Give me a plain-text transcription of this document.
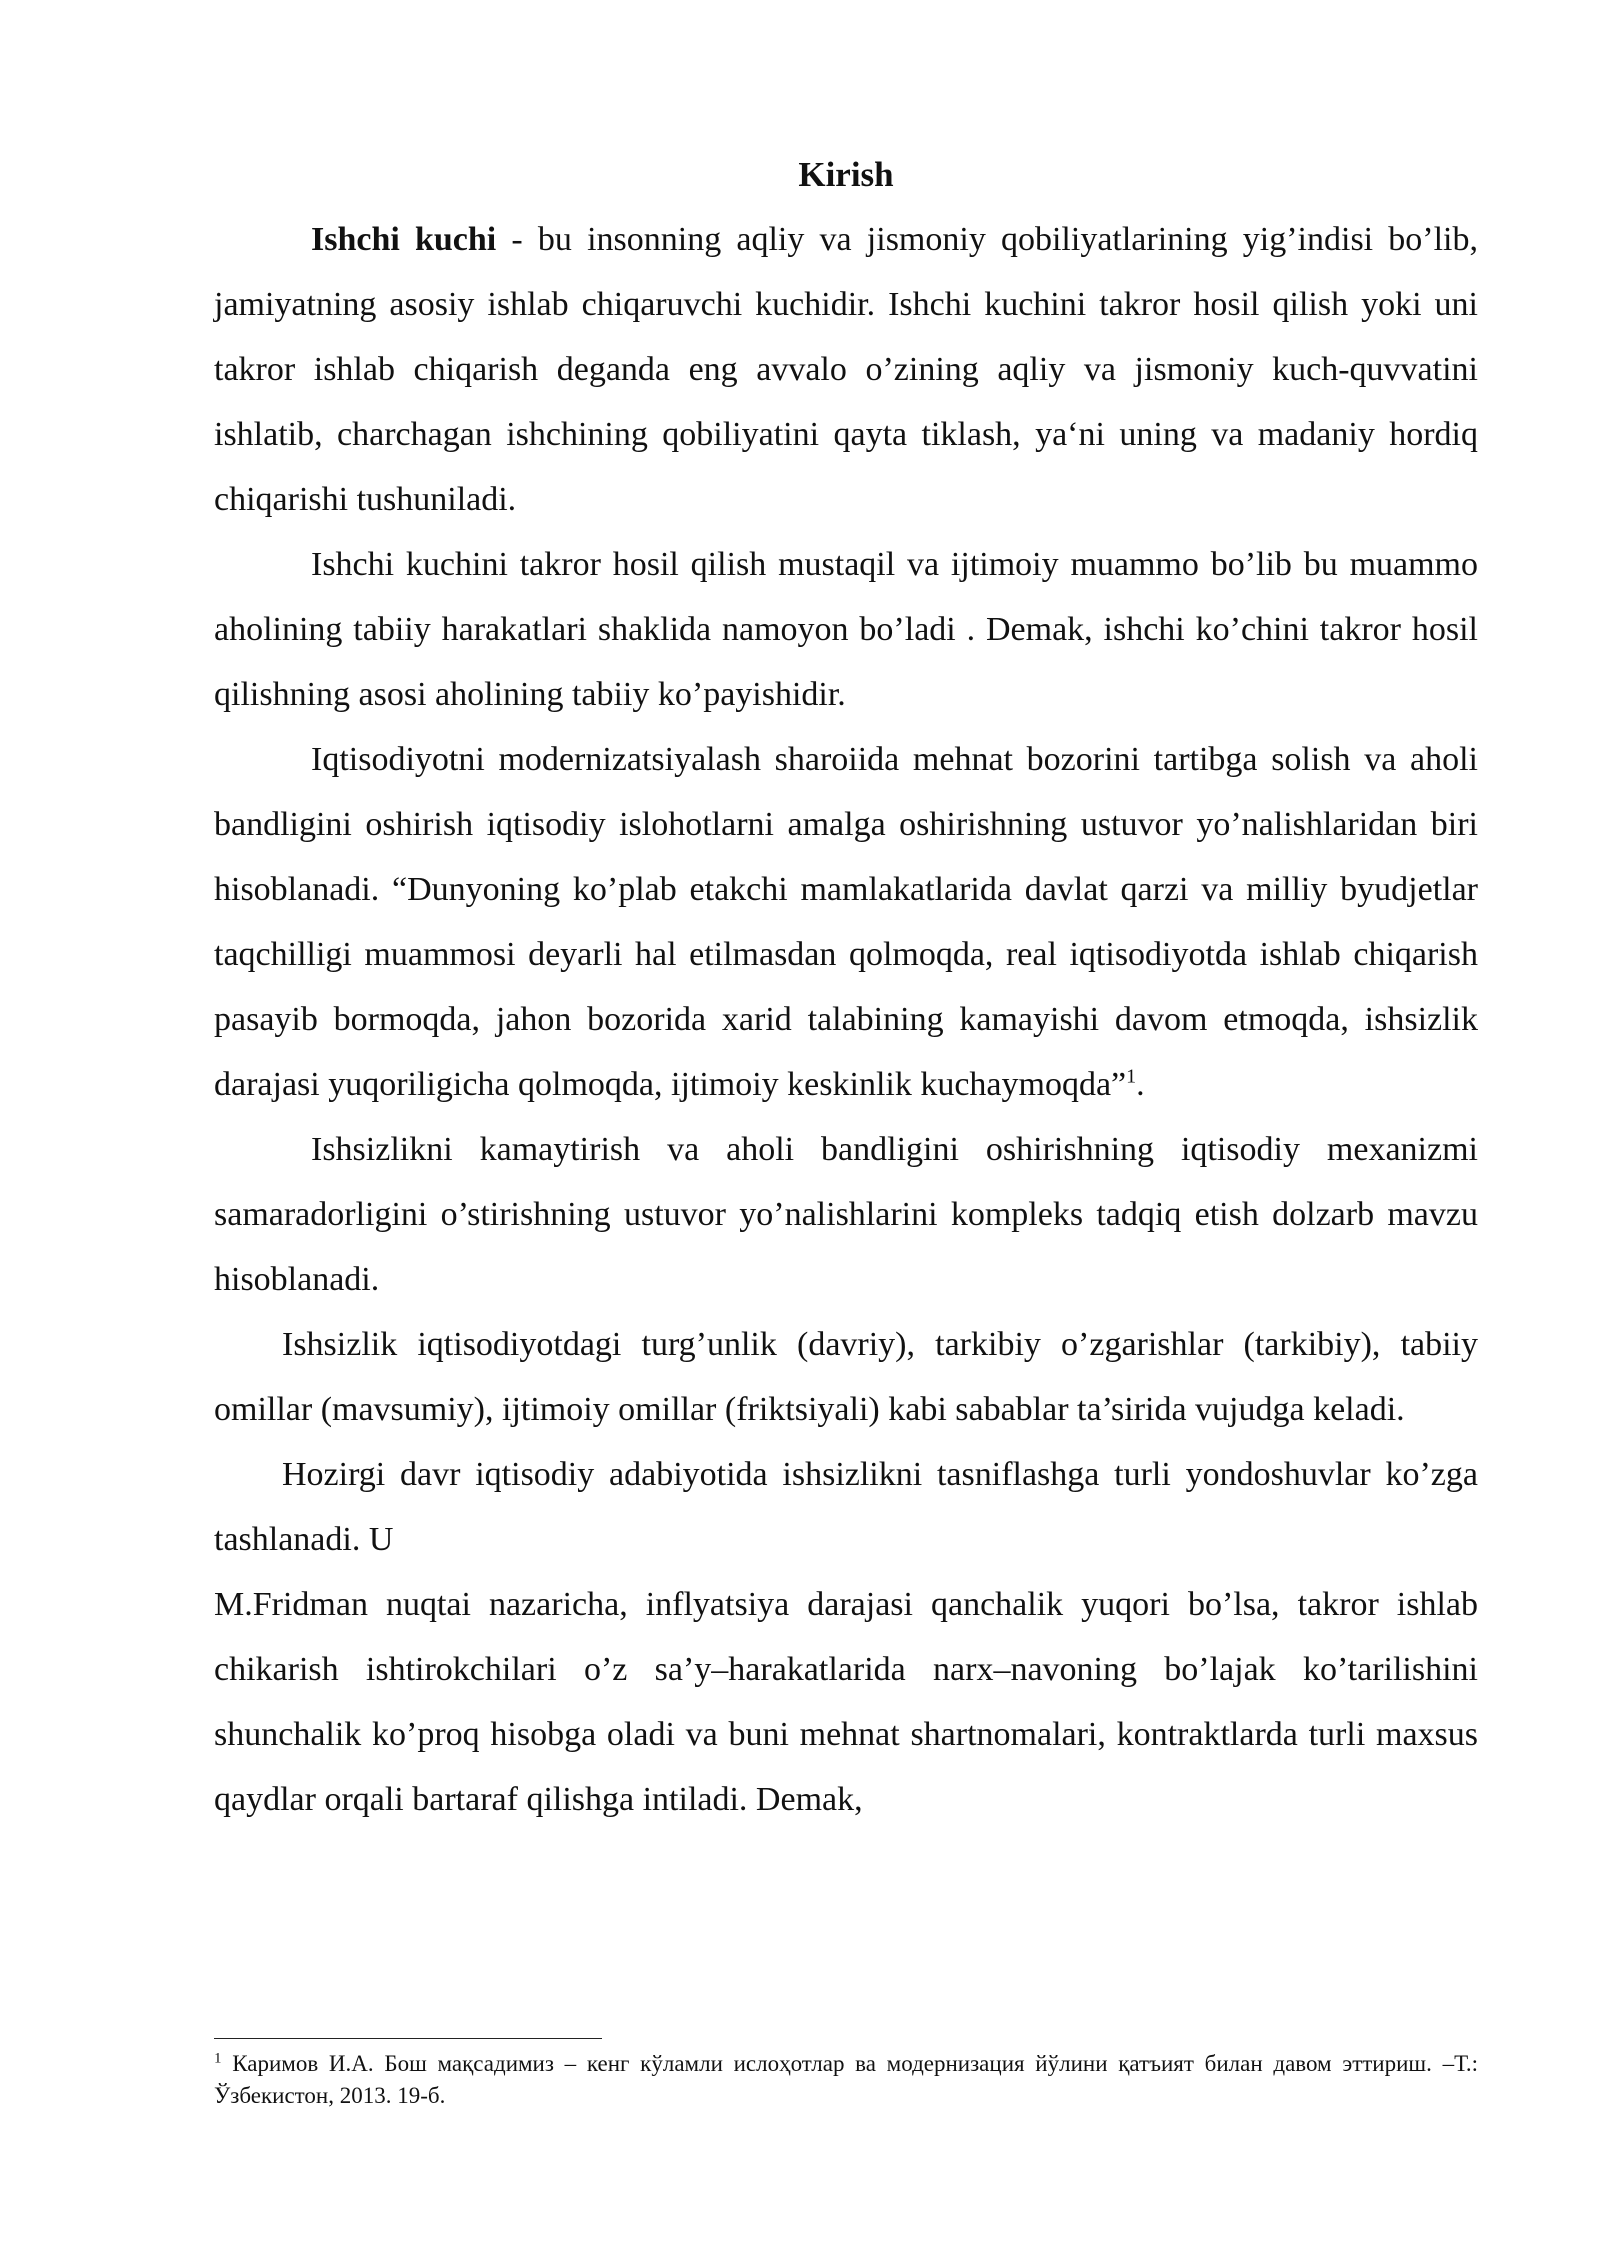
Kirish

Ishchi kuchi - bu insonning aqliy va jismoniy qobiliyatlarining yig’indisi bo’lib, jamiyatning asosiy ishlab chiqaruvchi kuchidir. Ishchi kuchini takror hosil qilish yoki uni takror ishlab chiqarish deganda eng avvalo o’zining aqliy va jismoniy kuch-quvvatini ishlatib, charchagan ishchining qobiliyatini qayta tiklash, ya‘ni uning va madaniy hordiq chiqarishi tushuniladi.

Ishchi kuchini takror hosil qilish mustaqil va ijtimoiy muammo bo’lib bu muammo aholining tabiiy harakatlari shaklida namoyon bo’ladi . Demak, ishchi ko’chini takror hosil qilishning asosi aholining tabiiy ko’payishidir.

Iqtisodiyotni modernizatsiyalash sharoiida mehnat bozorini tartibga solish va aholi bandligini oshirish iqtisodiy islohotlarni amalga oshirishning ustuvor yo’nalishlaridan biri hisoblanadi. “Dunyoning ko’plab etakchi mamlakatlarida davlat qarzi va milliy byudjetlar taqchilligi muammosi deyarli hal etilmasdan qolmoqda, real iqtisodiyotda ishlab chiqarish pasayib bormoqda, jahon bozorida xarid talabining kamayishi davom etmoqda, ishsizlik darajasi yuqoriligicha qolmoqda, ijtimoiy keskinlik kuchaymoqda”$^1$.

Ishsizlikni kamaytirish va aholi bandligini oshirishning iqtisodiy mexanizmi samaradorligini o’stirishning ustuvor yo’nalishlarini kompleks tadqiq etish dolzarb mavzu hisoblanadi.

Ishsizlik iqtisodiyotdagi turg’unlik (davriy), tarkibiy o’zgarishlar (tarkibiy), tabiiy omillar (mavsumiy), ijtimoiy omillar (friktsiyali) kabi sabablar ta’sirida vujudga keladi.

Hozirgi davr iqtisodiy adabiyotida ishsizlikni tasniflashga turli yondoshuvlar ko’zga tashlanadi. U

M.Fridman nuqtai nazaricha, inflyatsiya darajasi qanchalik yuqori bo’lsa, takror ishlab chikarish ishtirokchilari o’z sa’y–harakatlarida narx–navoning bo’lajak ko’tarilishini shunchalik ko’proq hisobga oladi va buni mehnat shartnomalari, kontraktlarda turli maxsus qaydlar orqali bartaraf qilishga intiladi. Demak,

$^1$ Каримов И.А. Бош мақсадимиз – кенг кўламли ислоҳотлар ва модернизация йўлини қатъият билан давом эттириш. –Т.: Ўзбекистон, 2013. 19-б.
